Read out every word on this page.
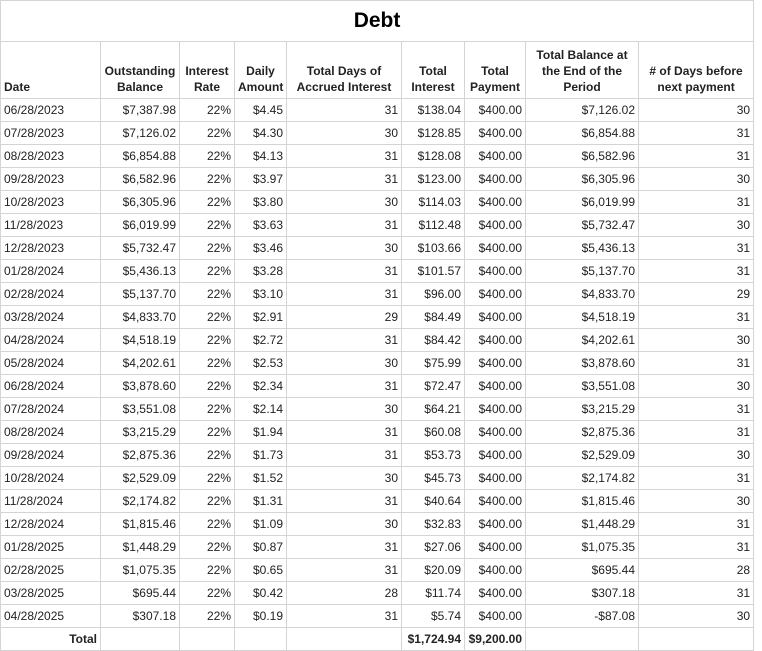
Debt								
Date	Outstanding Balance	Interest Rate	Daily Amount	Total Days of Accrued Interest	Total Interest	Total Payment	Total Balance at the End of the Period	# of Days before next payment
06/28/2023	$7,387.98	22%	$4.45	31	$138.04	$400.00	$7,126.02	30
07/28/2023	$7,126.02	22%	$4.30	30	$128.85	$400.00	$6,854.88	31
08/28/2023	$6,854.88	22%	$4.13	31	$128.08	$400.00	$6,582.96	31
09/28/2023	$6,582.96	22%	$3.97	31	$123.00	$400.00	$6,305.96	30
10/28/2023	$6,305.96	22%	$3.80	30	$114.03	$400.00	$6,019.99	31
11/28/2023	$6,019.99	22%	$3.63	31	$112.48	$400.00	$5,732.47	30
12/28/2023	$5,732.47	22%	$3.46	30	$103.66	$400.00	$5,436.13	31
01/28/2024	$5,436.13	22%	$3.28	31	$101.57	$400.00	$5,137.70	31
02/28/2024	$5,137.70	22%	$3.10	31	$96.00	$400.00	$4,833.70	29
03/28/2024	$4,833.70	22%	$2.91	29	$84.49	$400.00	$4,518.19	31
04/28/2024	$4,518.19	22%	$2.72	31	$84.42	$400.00	$4,202.61	30
05/28/2024	$4,202.61	22%	$2.53	30	$75.99	$400.00	$3,878.60	31
06/28/2024	$3,878.60	22%	$2.34	31	$72.47	$400.00	$3,551.08	30
07/28/2024	$3,551.08	22%	$2.14	30	$64.21	$400.00	$3,215.29	31
08/28/2024	$3,215.29	22%	$1.94	31	$60.08	$400.00	$2,875.36	31
09/28/2024	$2,875.36	22%	$1.73	31	$53.73	$400.00	$2,529.09	30
10/28/2024	$2,529.09	22%	$1.52	30	$45.73	$400.00	$2,174.82	31
11/28/2024	$2,174.82	22%	$1.31	31	$40.64	$400.00	$1,815.46	30
12/28/2024	$1,815.46	22%	$1.09	30	$32.83	$400.00	$1,448.29	31
01/28/2025	$1,448.29	22%	$0.87	31	$27.06	$400.00	$1,075.35	31
02/28/2025	$1,075.35	22%	$0.65	31	$20.09	$400.00	$695.44	28
03/28/2025	$695.44	22%	$0.42	28	$11.74	$400.00	$307.18	31
04/28/2025	$307.18	22%	$0.19	31	$5.74	$400.00	-$87.08	30
Total					$1,724.94	$9,200.00		
